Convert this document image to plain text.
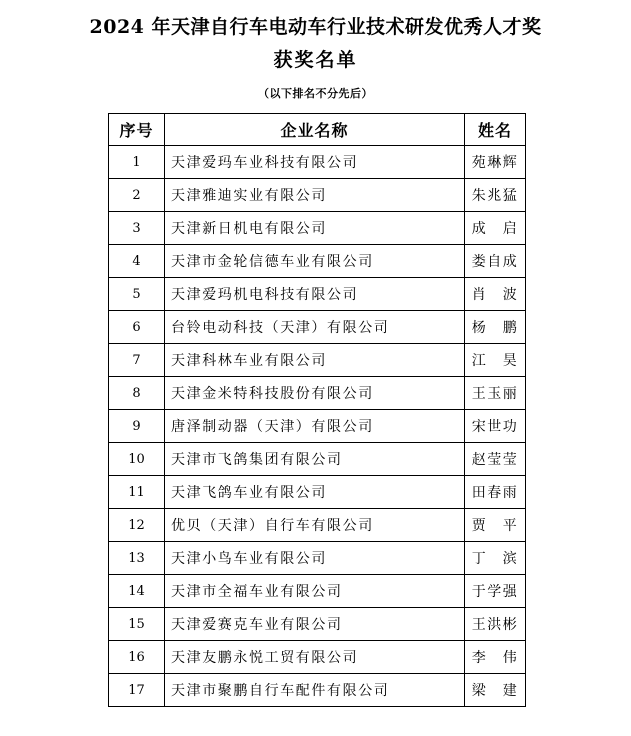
2024 年天津自行车电动车行业技术研发优秀人才奖
获奖名单
（以下排名不分先后）
序号	企业名称	姓名
1	天津爱玛车业科技有限公司	苑琳辉
2	天津雅迪实业有限公司	朱兆猛
3	天津新日机电有限公司	成　启
4	天津市金轮信德车业有限公司	娄自成
5	天津爱玛机电科技有限公司	肖　波
6	台铃电动科技（天津）有限公司	杨　鹏
7	天津科林车业有限公司	江　昊
8	天津金米特科技股份有限公司	王玉丽
9	唐泽制动器（天津）有限公司	宋世功
10	天津市飞鸽集团有限公司	赵莹莹
11	天津飞鸽车业有限公司	田春雨
12	优贝（天津）自行车有限公司	贾　平
13	天津小鸟车业有限公司	丁　滨
14	天津市全福车业有限公司	于学强
15	天津爱赛克车业有限公司	王洪彬
16	天津友鹏永悦工贸有限公司	李　伟
17	天津市聚鹏自行车配件有限公司	梁　建
